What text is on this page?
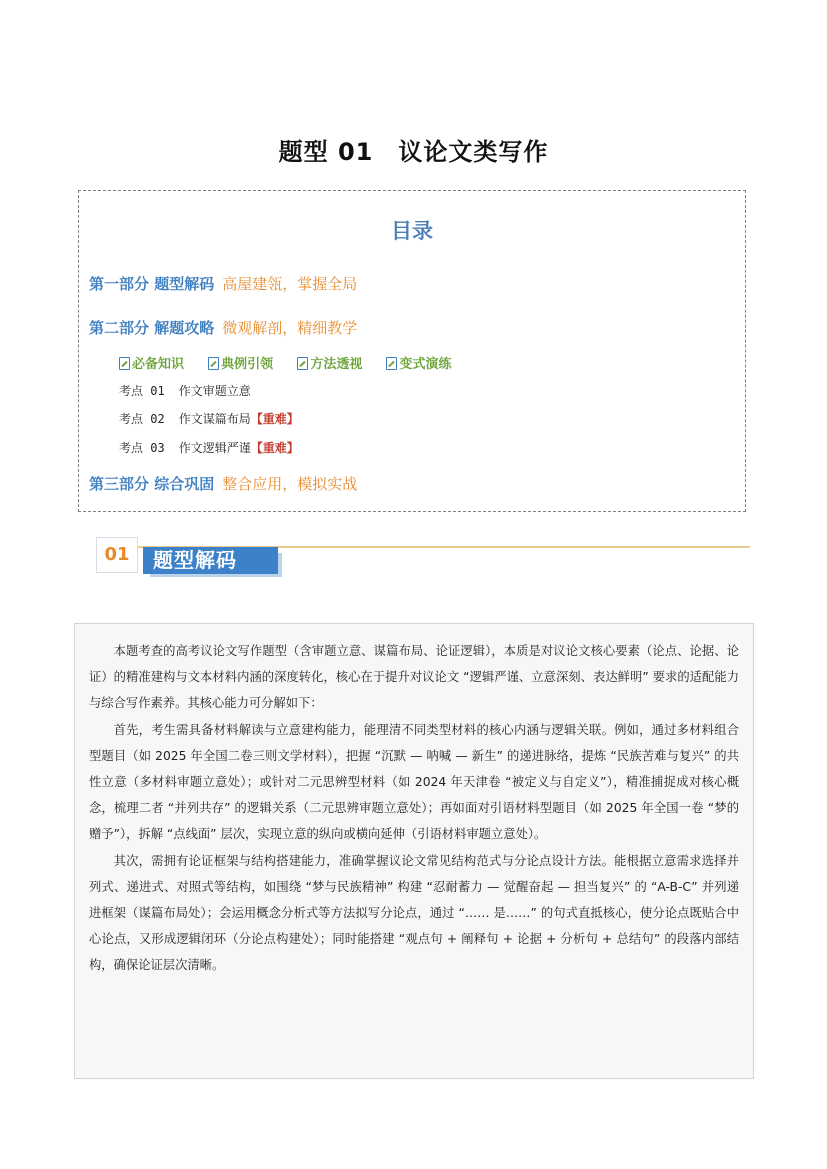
题型 01　议论文类写作
目录
第一部分 题型解码 高屋建瓴，掌握全局
第二部分 解题攻略 微观解剖，精细教学
必备知识	典例引领	方法透视	变式演练
考点 01 作文审题立意
考点 02 作文谋篇布局【重难】
考点 03 作文逻辑严谨【重难】
第三部分 综合巩固 整合应用，模拟实战
题型解码
01

本题考查的高考议论文写作题型（含审题立意、谋篇布局、论证逻辑），本质是对议论文核心要素（论点、论据、论证）的精准建构与文本材料内涵的深度转化，核心在于提升对议论文 “逻辑严谨、立意深刻、表达鲜明” 要求的适配能力与综合写作素养。其核心能力可分解如下：

首先，考生需具备材料解读与立意建构能力，能理清不同类型材料的核心内涵与逻辑关联。例如，通过多材料组合型题目（如 2025 年全国二卷三则文学材料），把握 “沉默 — 呐喊 — 新生” 的递进脉络，提炼 “民族苦难与复兴” 的共性立意（多材料审题立意处）；或针对二元思辨型材料（如 2024 年天津卷 “被定义与自定义”），精准捕捉成对核心概念，梳理二者 “并列共存” 的逻辑关系（二元思辨审题立意处）；再如面对引语材料型题目（如 2025 年全国一卷 “梦的赠予”），拆解 “点线面” 层次，实现立意的纵向或横向延伸（引语材料审题立意处）。

其次，需拥有论证框架与结构搭建能力，准确掌握议论文常见结构范式与分论点设计方法。能根据立意需求选择并列式、递进式、对照式等结构，如围绕 “梦与民族精神” 构建 “忍耐蓄力 — 觉醒奋起 — 担当复兴” 的 “A-B-C” 并列递进框架（谋篇布局处）；会运用概念分析式等方法拟写分论点，通过 “…… 是……” 的句式直抵核心，使分论点既贴合中心论点，又形成逻辑闭环（分论点构建处）；同时能搭建 “观点句 + 阐释句 + 论据 + 分析句 + 总结句” 的段落内部结构，确保论证层次清晰。
